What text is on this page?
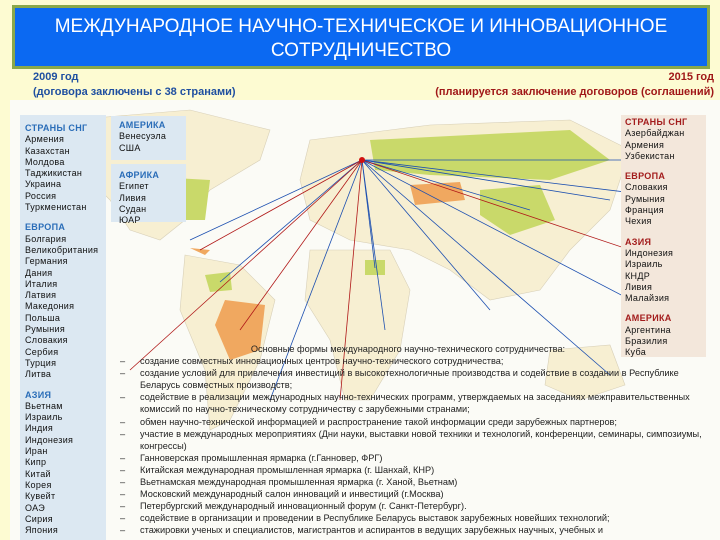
МЕЖДУНАРОДНОЕ НАУЧНО-ТЕХНИЧЕСКОЕ И ИННОВАЦИОННОЕ СОТРУДНИЧЕСТВО
2009 год
(договора заключены с 38 странами)
2015 год
(планируется заключение договоров (соглашений)
СТРАНЫ СНГ
Армения
Казахстан
Молдова
Таджикистан
Украина
Россия
Туркменистан
ЕВРОПА
Болгария
Великобритания
Германия
Дания
Италия
Латвия
Македония
Польша
Румыния
Словакия
Сербия
Турция
Литва
АЗИЯ
Вьетнам
Израиль
Индия
Индонезия
Иран
Кипр
Китай
Корея
Кувейт
ОАЭ
Сирия
Япония
АМЕРИКА
Венесуэла
США
АФРИКА
Египет
Ливия
Судан
ЮАР
СТРАНЫ СНГ
Азербайджан
Армения
Узбекистан
ЕВРОПА
Словакия
Румыния
Франция
Чехия
АЗИЯ
Индонезия
Израиль
КНДР
Ливия
Малайзия
АМЕРИКА
Аргентина
Бразилия
Куба
Основные формы международного научно-технического сотрудничества:
– создание совместных инновационных центров научно-технического сотрудничества;
– создание условий для привлечения инвестиций в высокотехнологичные производства и содействие в создании в Республике Беларусь совместных производств;
– содействие в реализации международных научно-технических программ, утверждаемых на заседаниях межправительственных комиссий по научно-техническому сотрудничеству с зарубежными странами;
– обмен научно-технической информацией и распространение такой информации среди зарубежных партнеров;
– участие в международных мероприятиях (Дни науки, выставки новой техники и технологий, конференции, семинары, симпозиумы, конгрессы)
– Ганноверская промышленная ярмарка (г.Ганновер, ФРГ)
– Китайская международная промышленная ярмарка (г. Шанхай, КНР)
– Вьетнамская международная промышленная ярмарка (г. Ханой, Вьетнам)
– Московский международный салон инноваций и инвестиций (г.Москва)
– Петербургский международный инновационный форум (г. Санкт-Петербург).
– содействие в организации и проведении в Республике Беларусь выставок зарубежных новейших технологий;
– стажировки ученых и специалистов, магистрантов и аспирантов в ведущих зарубежных научных, учебных и
